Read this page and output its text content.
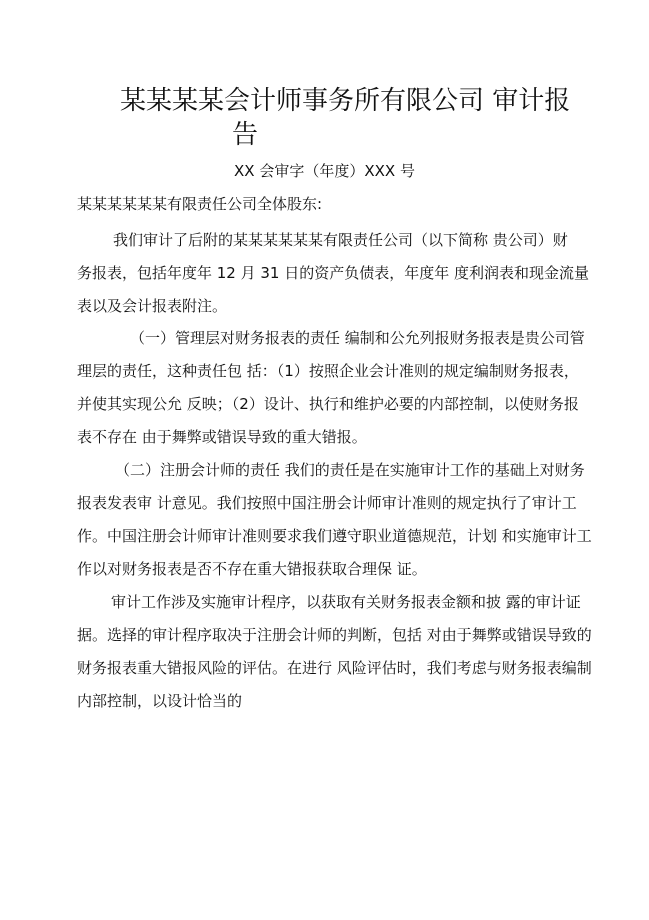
某某某某会计师事务所有限公司 审计报
告
XX 会审字（年度）XXX 号

某某某某某某有限责任公司全体股东:

我们审计了后附的某某某某某某有限责任公司（以下简称 贵公司）财
务报表，包括年度年 12 月 31 日的资产负债表，年度年 度利润表和现金流量
表以及会计报表附注。

（一）管理层对财务报表的责任 编制和公允列报财务报表是贵公司管
理层的责任，这种责任包 括：（1）按照企业会计准则的规定编制财务报表，
并使其实现公允 反映；（2）设计、执行和维护必要的内部控制，以使财务报
表不存在 由于舞弊或错误导致的重大错报。

（二）注册会计师的责任 我们的责任是在实施审计工作的基础上对财务
报表发表审 计意见。我们按照中国注册会计师审计准则的规定执行了审计工
作。中国注册会计师审计准则要求我们遵守职业道德规范，计划 和实施审计工
作以对财务报表是否不存在重大错报获取合理保 证。

审计工作涉及实施审计程序，以获取有关财务报表金额和披 露的审计证
据。选择的审计程序取决于注册会计师的判断，包括 对由于舞弊或错误导致的
财务报表重大错报风险的评估。在进行 风险评估时，我们考虑与财务报表编制
内部控制，以设计恰当的
